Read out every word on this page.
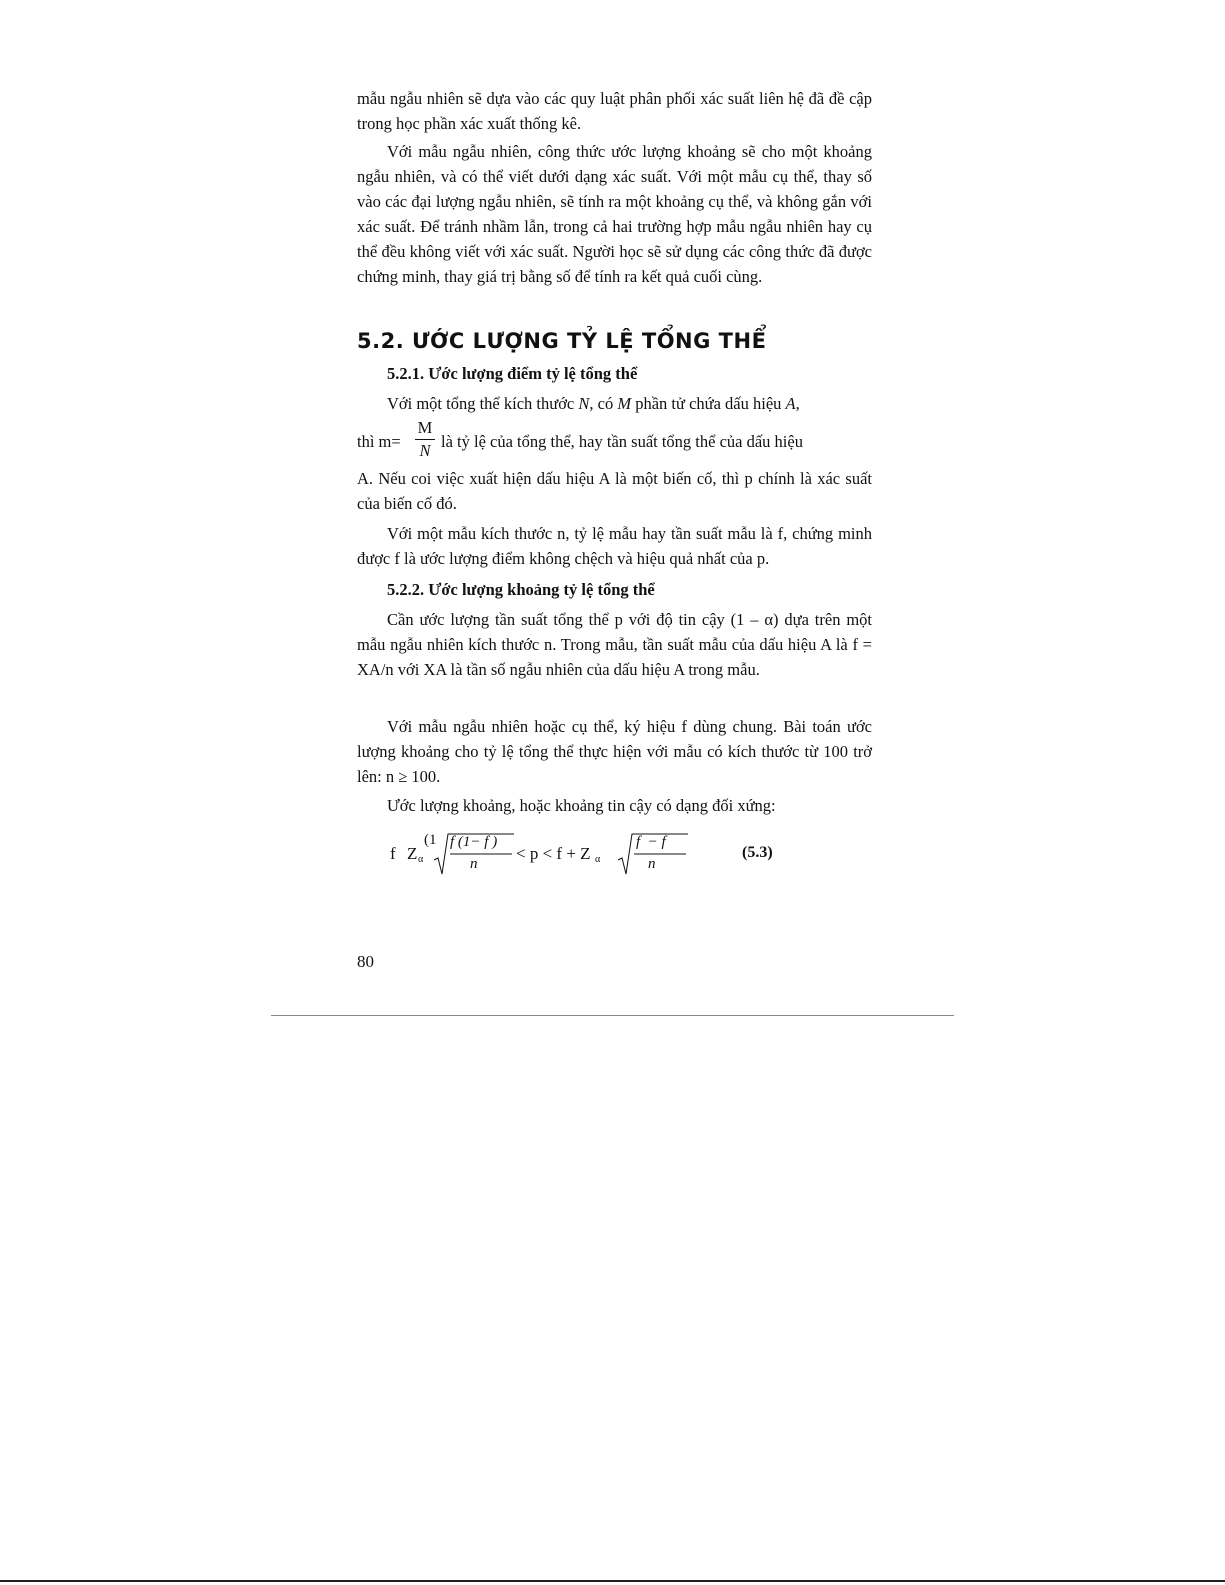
mẫu ngẫu nhiên sẽ dựa vào các quy luật phân phối xác suất liên hệ đã đề cập trong học phần xác xuất thống kê.

Với mẫu ngẫu nhiên, công thức ước lượng khoảng sẽ cho một khoảng ngẫu nhiên, và có thể viết dưới dạng xác suất. Với một mẫu cụ thể, thay số vào các đại lượng ngẫu nhiên, sẽ tính ra một khoảng cụ thể, và không gắn với xác suất. Để tránh nhầm lẫn, trong cả hai trường hợp mẫu ngẫu nhiên hay cụ thể đều không viết với xác suất. Người học sẽ sử dụng các công thức đã được chứng minh, thay giá trị bằng số để tính ra kết quả cuối cùng.

5.2. ƯỚC LƯỢNG TỶ LỆ TỔNG THỂ
5.2.1. Ước lượng điểm tỷ lệ tổng thể
Với một tổng thể kích thước N, có M phần tử chứa dấu hiệu A,
thì m=
M
N là tỷ lệ của tổng thể, hay tần suất tổng thể của dấu hiệu

A. Nếu coi việc xuất hiện dấu hiệu A là một biến cố, thì p chính là xác suất của biến cố đó.

Với một mẫu kích thước n, tỷ lệ mẫu hay tần suất mẫu là f, chứng minh được f là ước lượng điểm không chệch và hiệu quả nhất của p.

5.2.2. Ước lượng khoảng tỷ lệ tổng thể

Cần ước lượng tần suất tổng thể p với độ tin cậy (1 – α) dựa trên một mẫu ngẫu nhiên kích thước n. Trong mẫu, tần suất mẫu của dấu hiệu A là f = XA/n với XA là tần số ngẫu nhiên của dấu hiệu A trong mẫu.

Với mẫu ngẫu nhiên hoặc cụ thể, ký hiệu f dùng chung. Bài toán ước lượng khoảng cho tỷ lệ tổng thể thực hiện với mẫu có kích thước từ 100 trở lên: n ≥ 100.

Ước lượng khoảng, hoặc khoảng tin cậy có dạng đối xứng:

f Z α
(1 f (1− f )
n
< p < f + Z α
f  − f
n
(5.3)
80
